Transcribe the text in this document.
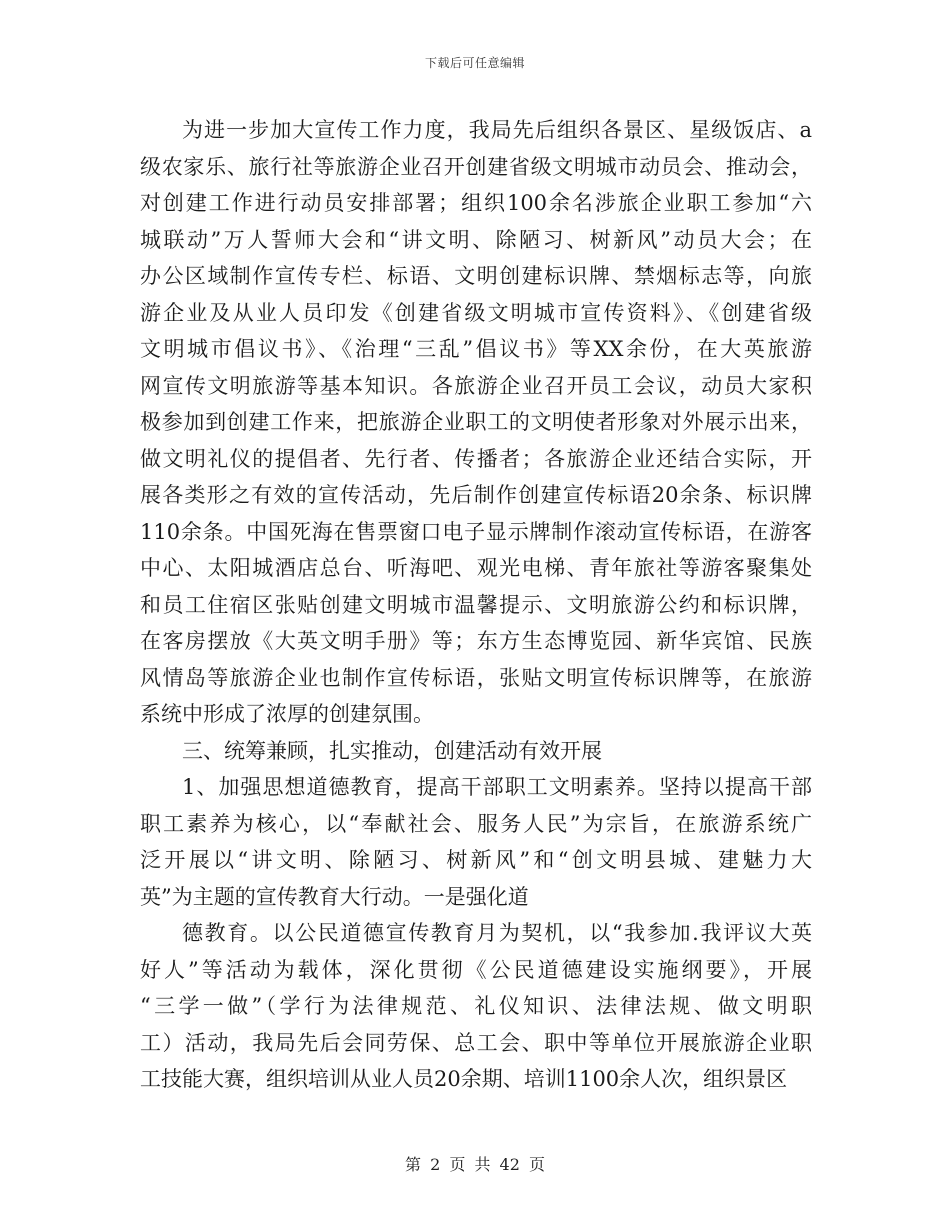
下载后可任意编辑
为进一步加大宣传工作力度，我局先后组织各景区、星级饭店、a
级农家乐、旅行社等旅游企业召开创建省级文明城市动员会、推动会，
对创建工作进行动员安排部署；组织100余名涉旅企业职工参加“六
城联动”万人誓师大会和“讲文明、除陋习、树新风”动员大会；在
办公区域制作宣传专栏、标语、文明创建标识牌、禁烟标志等，向旅
游企业及从业人员印发《创建省级文明城市宣传资料》、《创建省级
文明城市倡议书》、《治理“三乱”倡议书》等XX余份，在大英旅游
网宣传文明旅游等基本知识。各旅游企业召开员工会议，动员大家积
极参加到创建工作来，把旅游企业职工的文明使者形象对外展示出来，
做文明礼仪的提倡者、先行者、传播者；各旅游企业还结合实际，开
展各类形之有效的宣传活动，先后制作创建宣传标语20余条、标识牌
110余条。中国死海在售票窗口电子显示牌制作滚动宣传标语，在游客
中心、太阳城酒店总台、听海吧、观光电梯、青年旅社等游客聚集处
和员工住宿区张贴创建文明城市温馨提示、文明旅游公约和标识牌，
在客房摆放《大英文明手册》等；东方生态博览园、新华宾馆、民族
风情岛等旅游企业也制作宣传标语，张贴文明宣传标识牌等，在旅游
系统中形成了浓厚的创建氛围。
三、统筹兼顾，扎实推动，创建活动有效开展
1、加强思想道德教育，提高干部职工文明素养。坚持以提高干部
职工素养为核心，以“奉献社会、服务人民”为宗旨，在旅游系统广
泛开展以“讲文明、除陋习、树新风”和“创文明县城、建魅力大
英”为主题的宣传教育大行动。一是强化道
德教育。以公民道德宣传教育月为契机，以“我参加.我评议大英
好人”等活动为载体，深化贯彻《公民道德建设实施纲要》，开展
“三学一做”（学行为法律规范、礼仪知识、法律法规、做文明职
工）活动，我局先后会同劳保、总工会、职中等单位开展旅游企业职
工技能大赛，组织培训从业人员20余期、培训1100余人次，组织景区
第 2 页 共 42 页
